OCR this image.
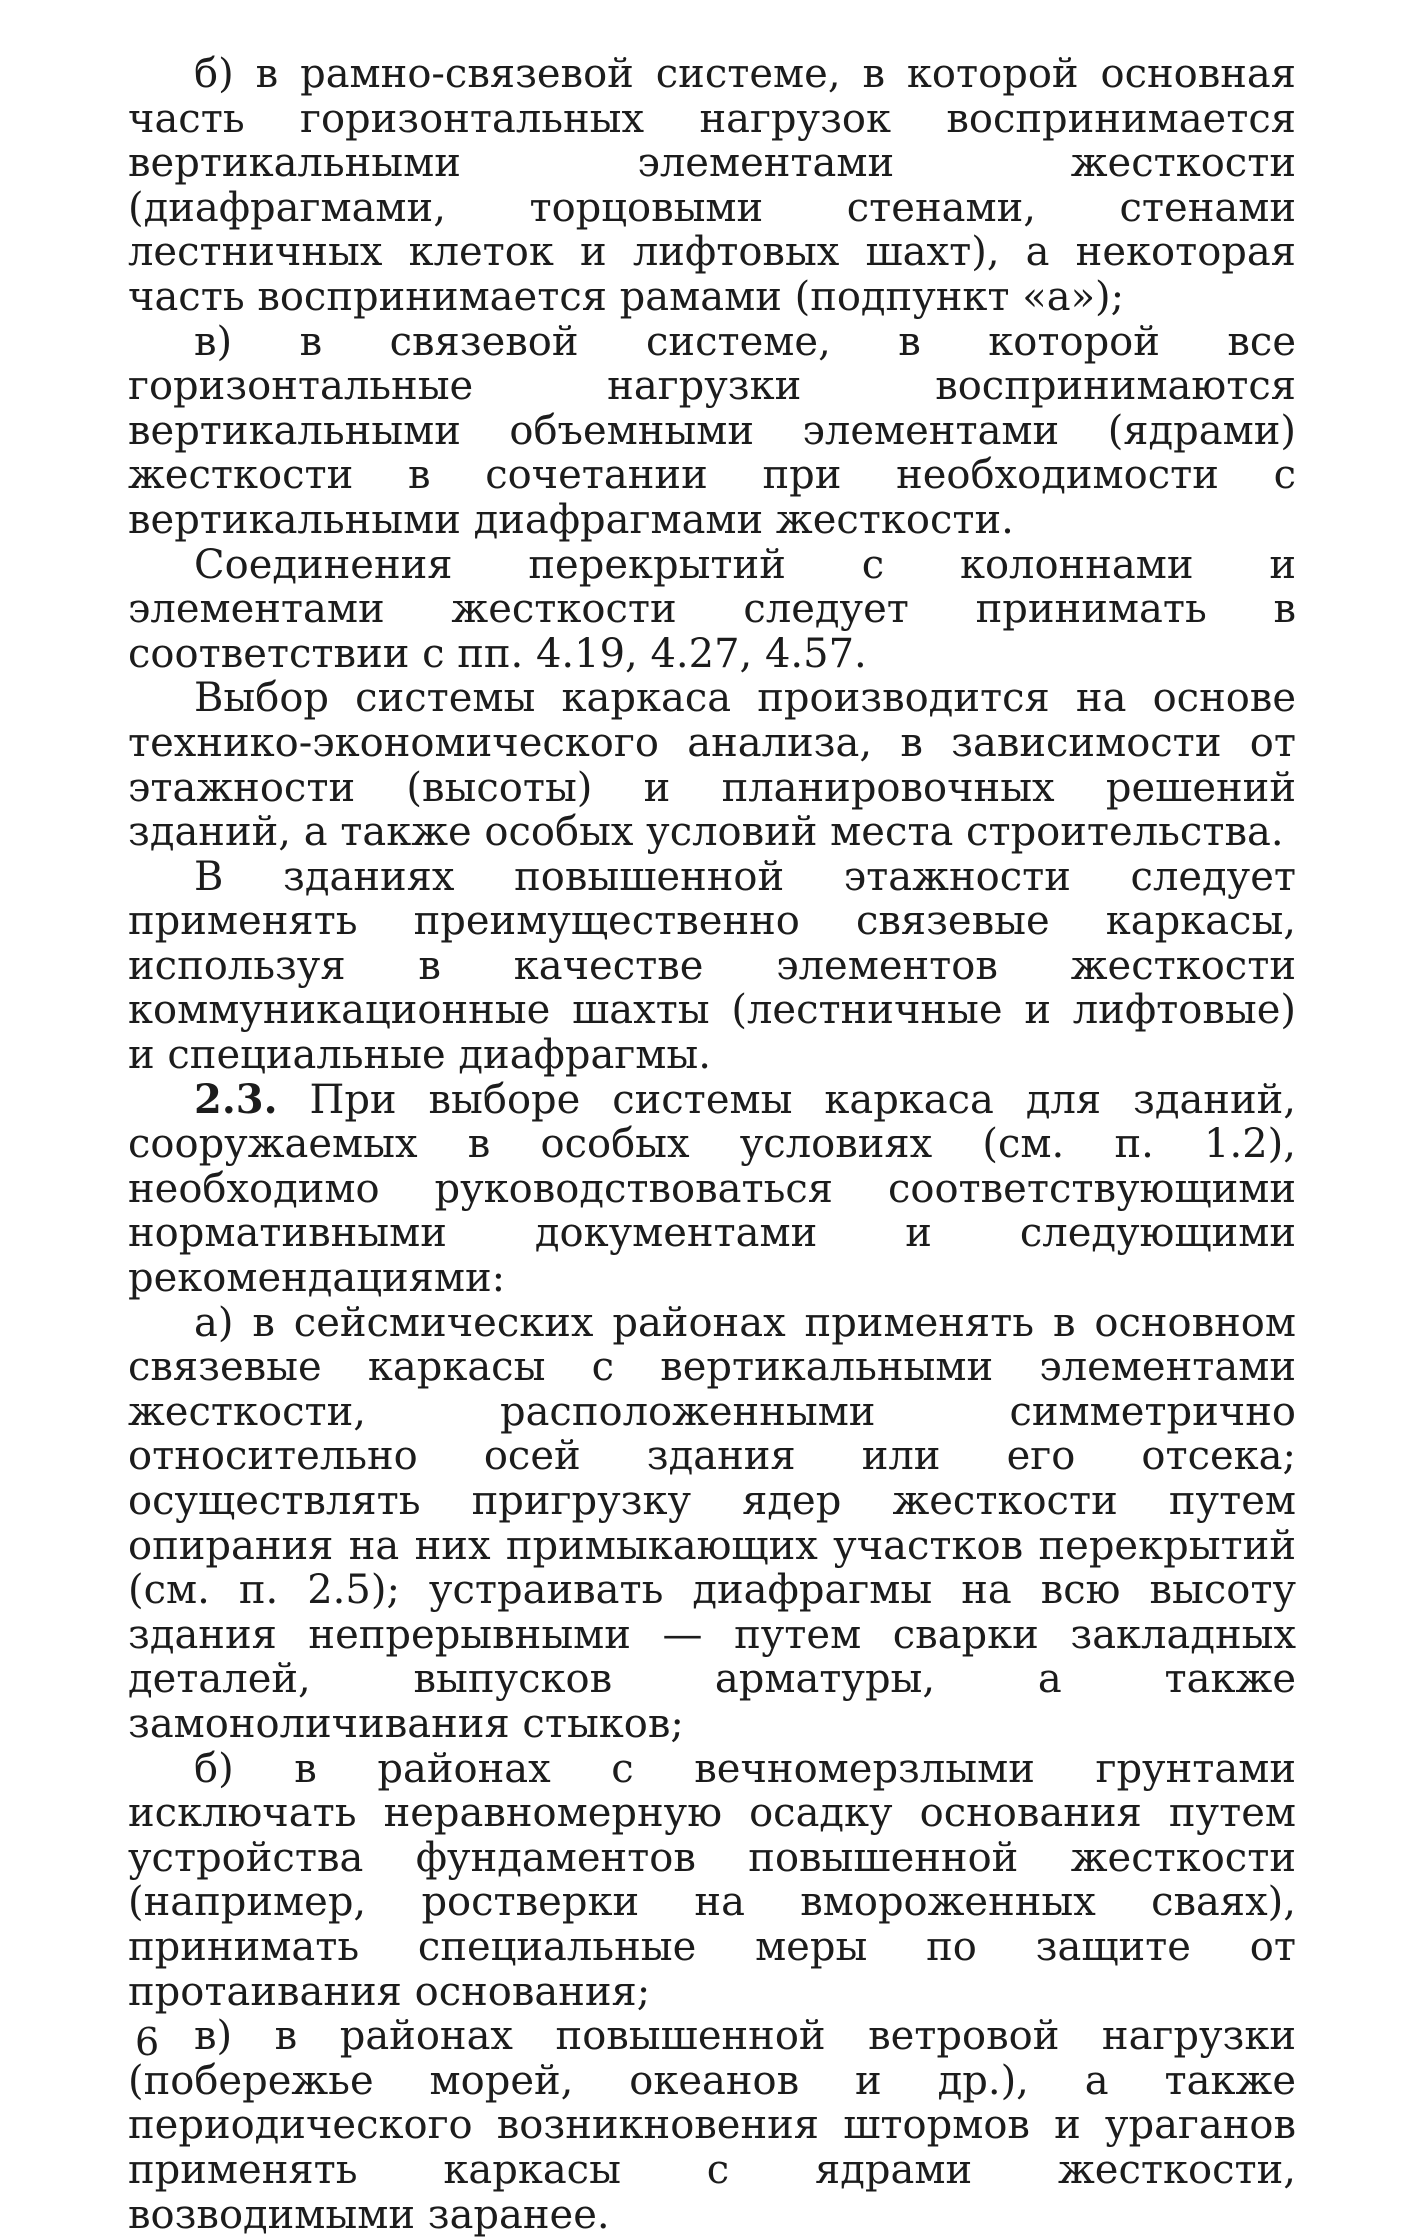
б) в рамно-связевой системе, в которой основная часть горизонтальных нагрузок воспринимается вертикальными элементами жесткости (диафрагмами, торцовыми стенами, стенами лестничных клеток и лифтовых шахт), а некоторая часть воспринимается рамами (подпункт «а»);

в) в связевой системе, в которой все горизонтальные нагрузки воспринимаются вертикальными объемными элементами (ядрами) жесткости в сочетании при необходимости с вертикальными диафрагмами жесткости.

Соединения перекрытий с колоннами и элементами жесткости следует принимать в соответствии с пп. 4.19, 4.27, 4.57.

Выбор системы каркаса производится на основе технико-экономического анализа, в зависимости от этажности (высоты) и планировочных решений зданий, а также особых условий места строительства.

В зданиях повышенной этажности следует применять преимущественно связевые каркасы, используя в качестве элементов жесткости коммуникационные шахты (лестничные и лифтовые) и специальные диафрагмы.

2.3. При выборе системы каркаса для зданий, сооружаемых в особых условиях (см. п. 1.2), необходимо руководствоваться соответствующими нормативными документами и следующими рекомендациями:

а) в сейсмических районах применять в основном связевые каркасы с вертикальными элементами жесткости, расположенными симметрично относительно осей здания или его отсека; осуществлять пригрузку ядер жесткости путем опирания на них примыкающих участков перекрытий (см. п. 2.5); устраивать диафрагмы на всю высоту здания непрерывными — путем сварки закладных деталей, выпусков арматуры, а также замоноличивания стыков;

б) в районах с вечномерзлыми грунтами исключать неравномерную осадку основания путем устройства фундаментов повышенной жесткости (например, ростверки на вмороженных сваях), принимать специальные меры по защите от протаивания основания;

в) в районах повышенной ветровой нагрузки (побережье морей, океанов и др.), а также периодического возникновения штормов и ураганов применять каркасы с ядрами жесткости, возводимыми заранее.

6
